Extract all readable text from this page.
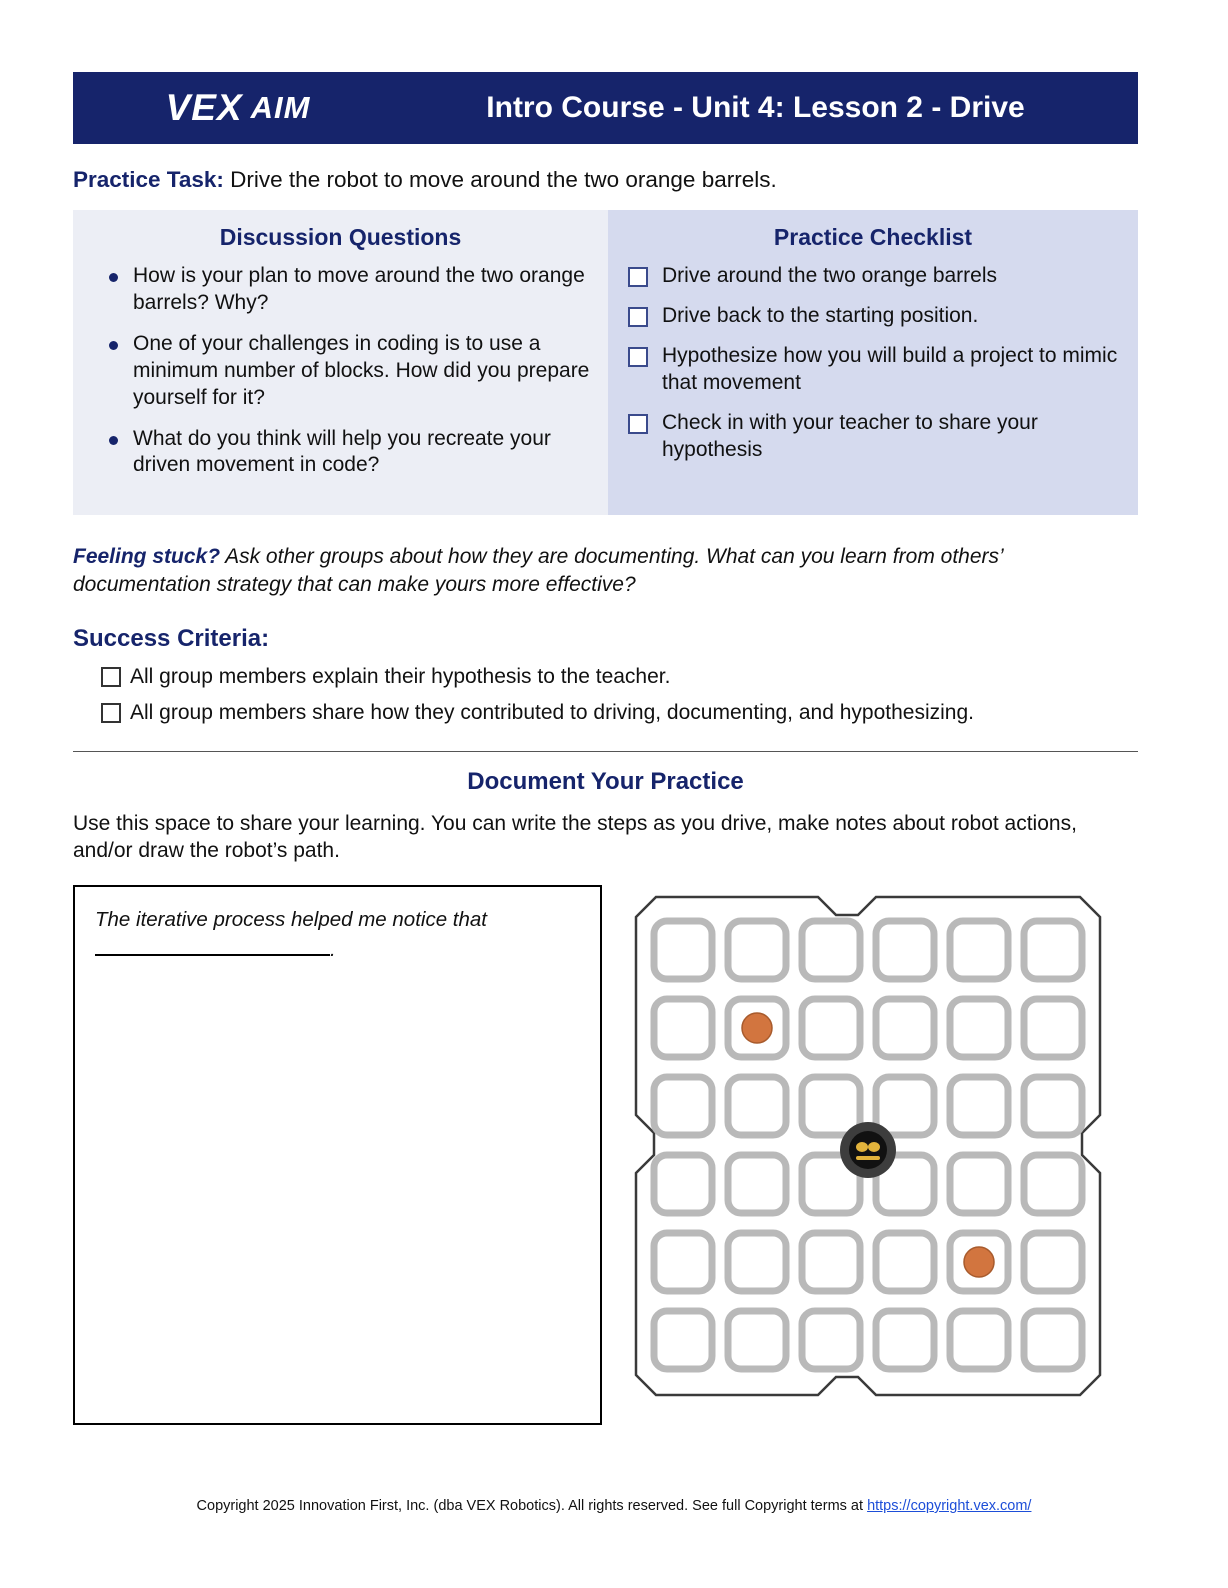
VEX AIM	Intro Course - Unit 4: Lesson 2 - Drive
Practice Task: Drive the robot to move around the two orange barrels.
Discussion Questions
How is your plan to move around the two orange barrels? Why?
One of your challenges in coding is to use a minimum number of blocks. How did you prepare yourself for it?
What do you think will help you recreate your driven movement in code?
Practice Checklist
Drive around the two orange barrels
Drive back to the starting position.
Hypothesize how you will build a project to mimic that movement
Check in with your teacher to share your hypothesis
Feeling stuck? Ask other groups about how they are documenting. What can you learn from others’ documentation strategy that can make yours more effective?
Success Criteria:
All group members explain their hypothesis to the teacher.
All group members share how they contributed to driving, documenting, and hypothesizing.
Document Your Practice
Use this space to share your learning. You can write the steps as you drive, make notes about robot actions, and/or draw the robot’s path.
The iterative process helped me notice that
.
Copyright 2025 Innovation First, Inc. (dba VEX Robotics). All rights reserved. See full Copyright terms at https://copyright.vex.com/
